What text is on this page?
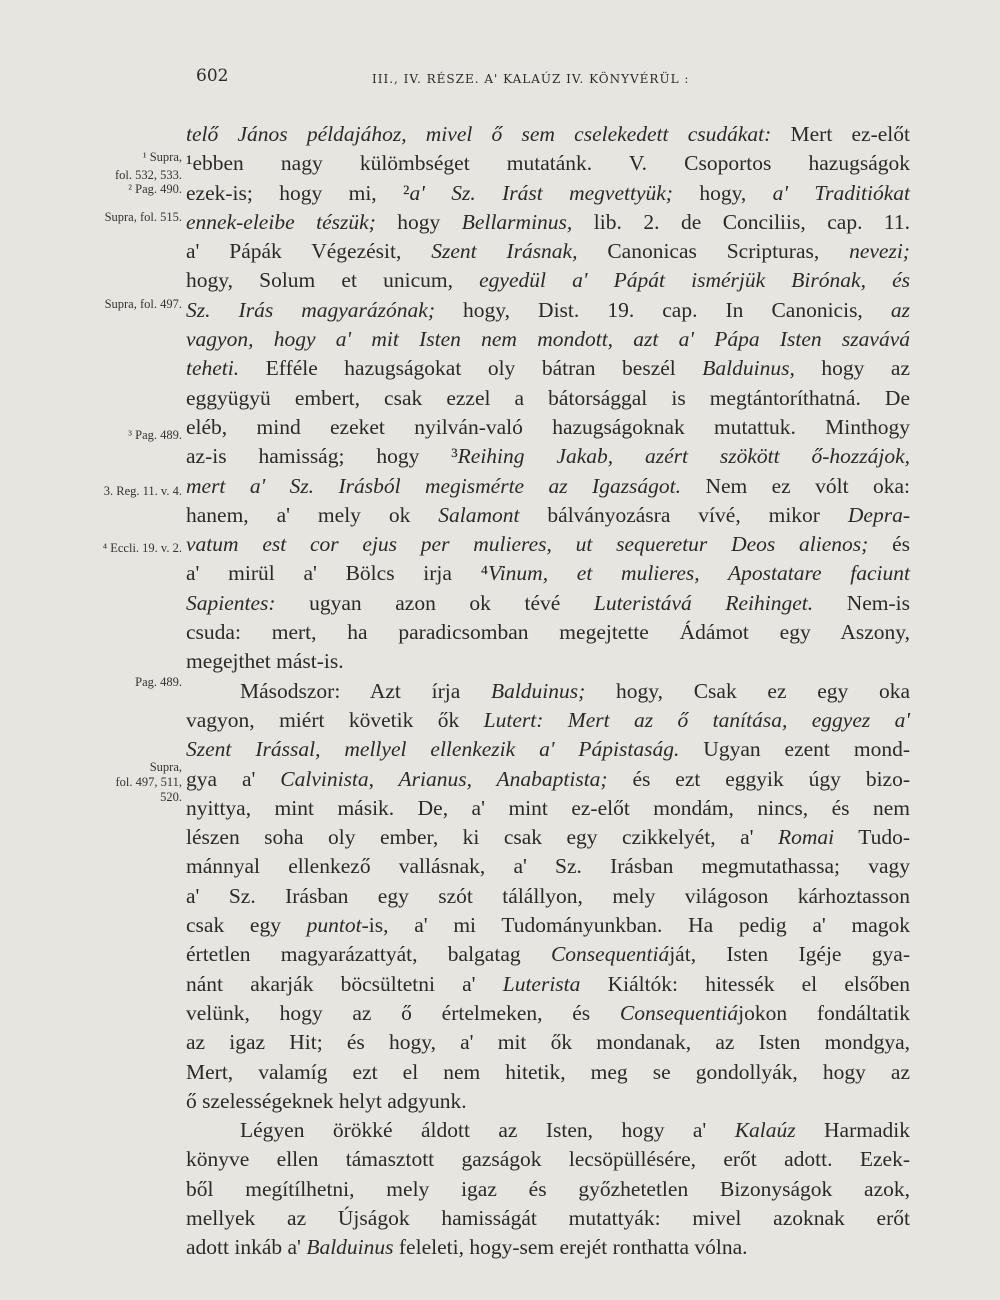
602	III., IV. RÉSZE. A' KALAÚZ IV. KÖNYVÉRÜL :
¹ Supra,
fol. 532, 533.
² Pag. 490.
Supra, fol. 515.
Supra, fol. 497.
³ Pag. 489.
3. Reg. 11. v. 4.
⁴ Eccli. 19. v. 2.
Pag. 489.
Supra,
fol. 497, 511,
520.
telő János példajához, mivel ő sem cselekedett csudákat: Mert ez-előt
¹ebben nagy külömbséget mutatánk. V. Csoportos hazugságok
ezek-is; hogy mi, ²a' Sz. Irást megvettyük; hogy, a' Traditiókat
ennek-eleibe tészük; hogy Bellarminus, lib. 2. de Conciliis, cap. 11.
a' Pápák Végezésit, Szent Irásnak, Canonicas Scripturas, nevezi;
hogy, Solum et unicum, egyedül a' Pápát ismérjük Birónak, és
Sz. Irás magyarázónak; hogy, Dist. 19. cap. In Canonicis, az
vagyon, hogy a' mit Isten nem mondott, azt a' Pápa Isten szavává
teheti. Efféle hazugságokat oly bátran beszél Balduinus, hogy az
eggyügyü embert, csak ezzel a bátorsággal is megtántoríthatná. De
eléb, mind ezeket nyilván-való hazugságoknak mutattuk. Minthogy
az-is hamisság; hogy ³Reihing Jakab, azért szökött ő-hozzájok,
mert a' Sz. Irásból megismérte az Igazságot. Nem ez vólt oka:
hanem, a' mely ok Salamont bálványozásra vívé, mikor Depra-
vatum est cor ejus per mulieres, ut sequeretur Deos alienos; és
a' mirül a' Bölcs irja ⁴Vinum, et mulieres, Apostatare faciunt
Sapientes: ugyan azon ok tévé Luteristává Reihinget. Nem-is
csuda: mert, ha paradicsomban megejtette Ádámot egy Aszony,
megejthet mást-is.
Másodszor: Azt írja Balduinus; hogy, Csak ez egy oka
vagyon, miért követik ők Lutert: Mert az ő tanítása, eggyez a'
Szent Irással, mellyel ellenkezik a' Pápistaság. Ugyan ezent mond-
gya a' Calvinista, Arianus, Anabaptista; és ezt eggyik úgy bizo-
nyittya, mint másik. De, a' mint ez-előt mondám, nincs, és nem
lészen soha oly ember, ki csak egy czikkelyét, a' Romai Tudo-
mánnyal ellenkező vallásnak, a' Sz. Irásban megmutathassa; vagy
a' Sz. Irásban egy szót tálállyon, mely világoson kárhoztasson
csak egy puntot-is, a' mi Tudományunkban. Ha pedig a' magok
értetlen magyarázattyát, balgatag Consequentiáját, Isten Igéje gya-
nánt akarják böcsültetni a' Luterista Kiáltók: hitessék el elsőben
velünk, hogy az ő értelmeken, és Consequentiájokon fondáltatik
az igaz Hit; és hogy, a' mit ők mondanak, az Isten mondgya,
Mert, valamíg ezt el nem hitetik, meg se gondollyák, hogy az
ő szelességeknek helyt adgyunk.
Légyen örökké áldott az Isten, hogy a' Kalaúz Harmadik
könyve ellen támasztott gazságok lecsöpüllésére, erőt adott. Ezek-
ből megítílhetni, mely igaz és győzhetetlen Bizonyságok azok,
mellyek az Újságok hamisságát mutattyák: mivel azoknak erőt
adott inkáb a' Balduinus feleleti, hogy-sem erejét ronthatta vólna.
